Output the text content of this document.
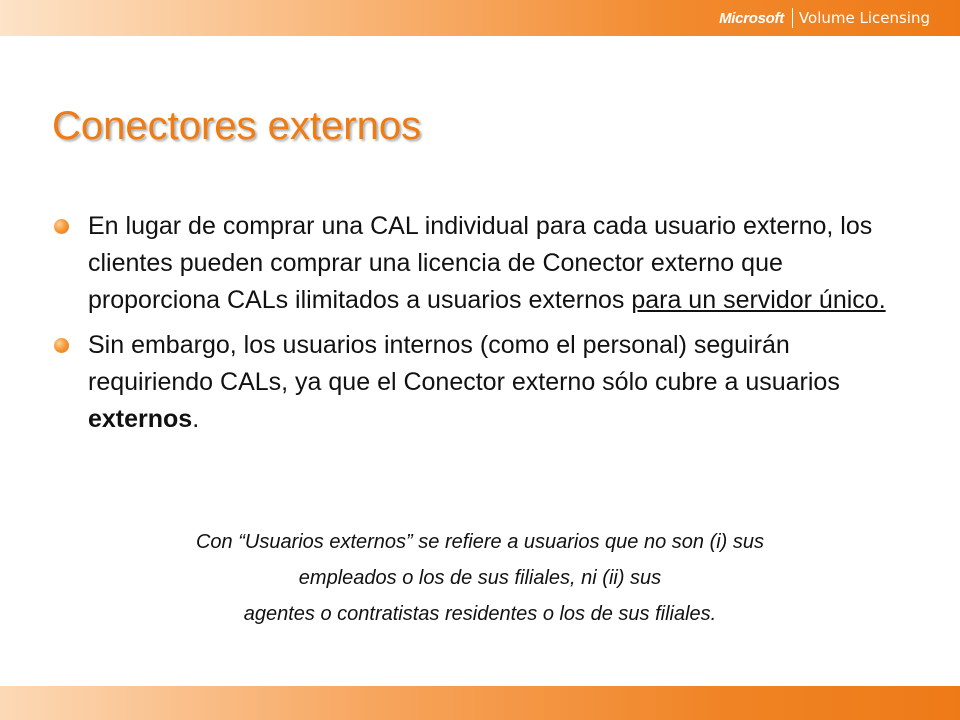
Microsoft Volume Licensing
Conectores externos
En lugar de comprar una CAL individual para cada usuario externo, los clientes pueden comprar una licencia de Conector externo que proporciona CALs ilimitados a usuarios externos para un servidor único.
Sin embargo, los usuarios internos (como el personal) seguirán requiriendo CALs, ya que el Conector externo sólo cubre a usuarios externos.
Con “Usuarios externos” se refiere a usuarios que no son (i) sus
empleados o los de sus filiales, ni (ii) sus
agentes o contratistas residentes o los de sus filiales.
